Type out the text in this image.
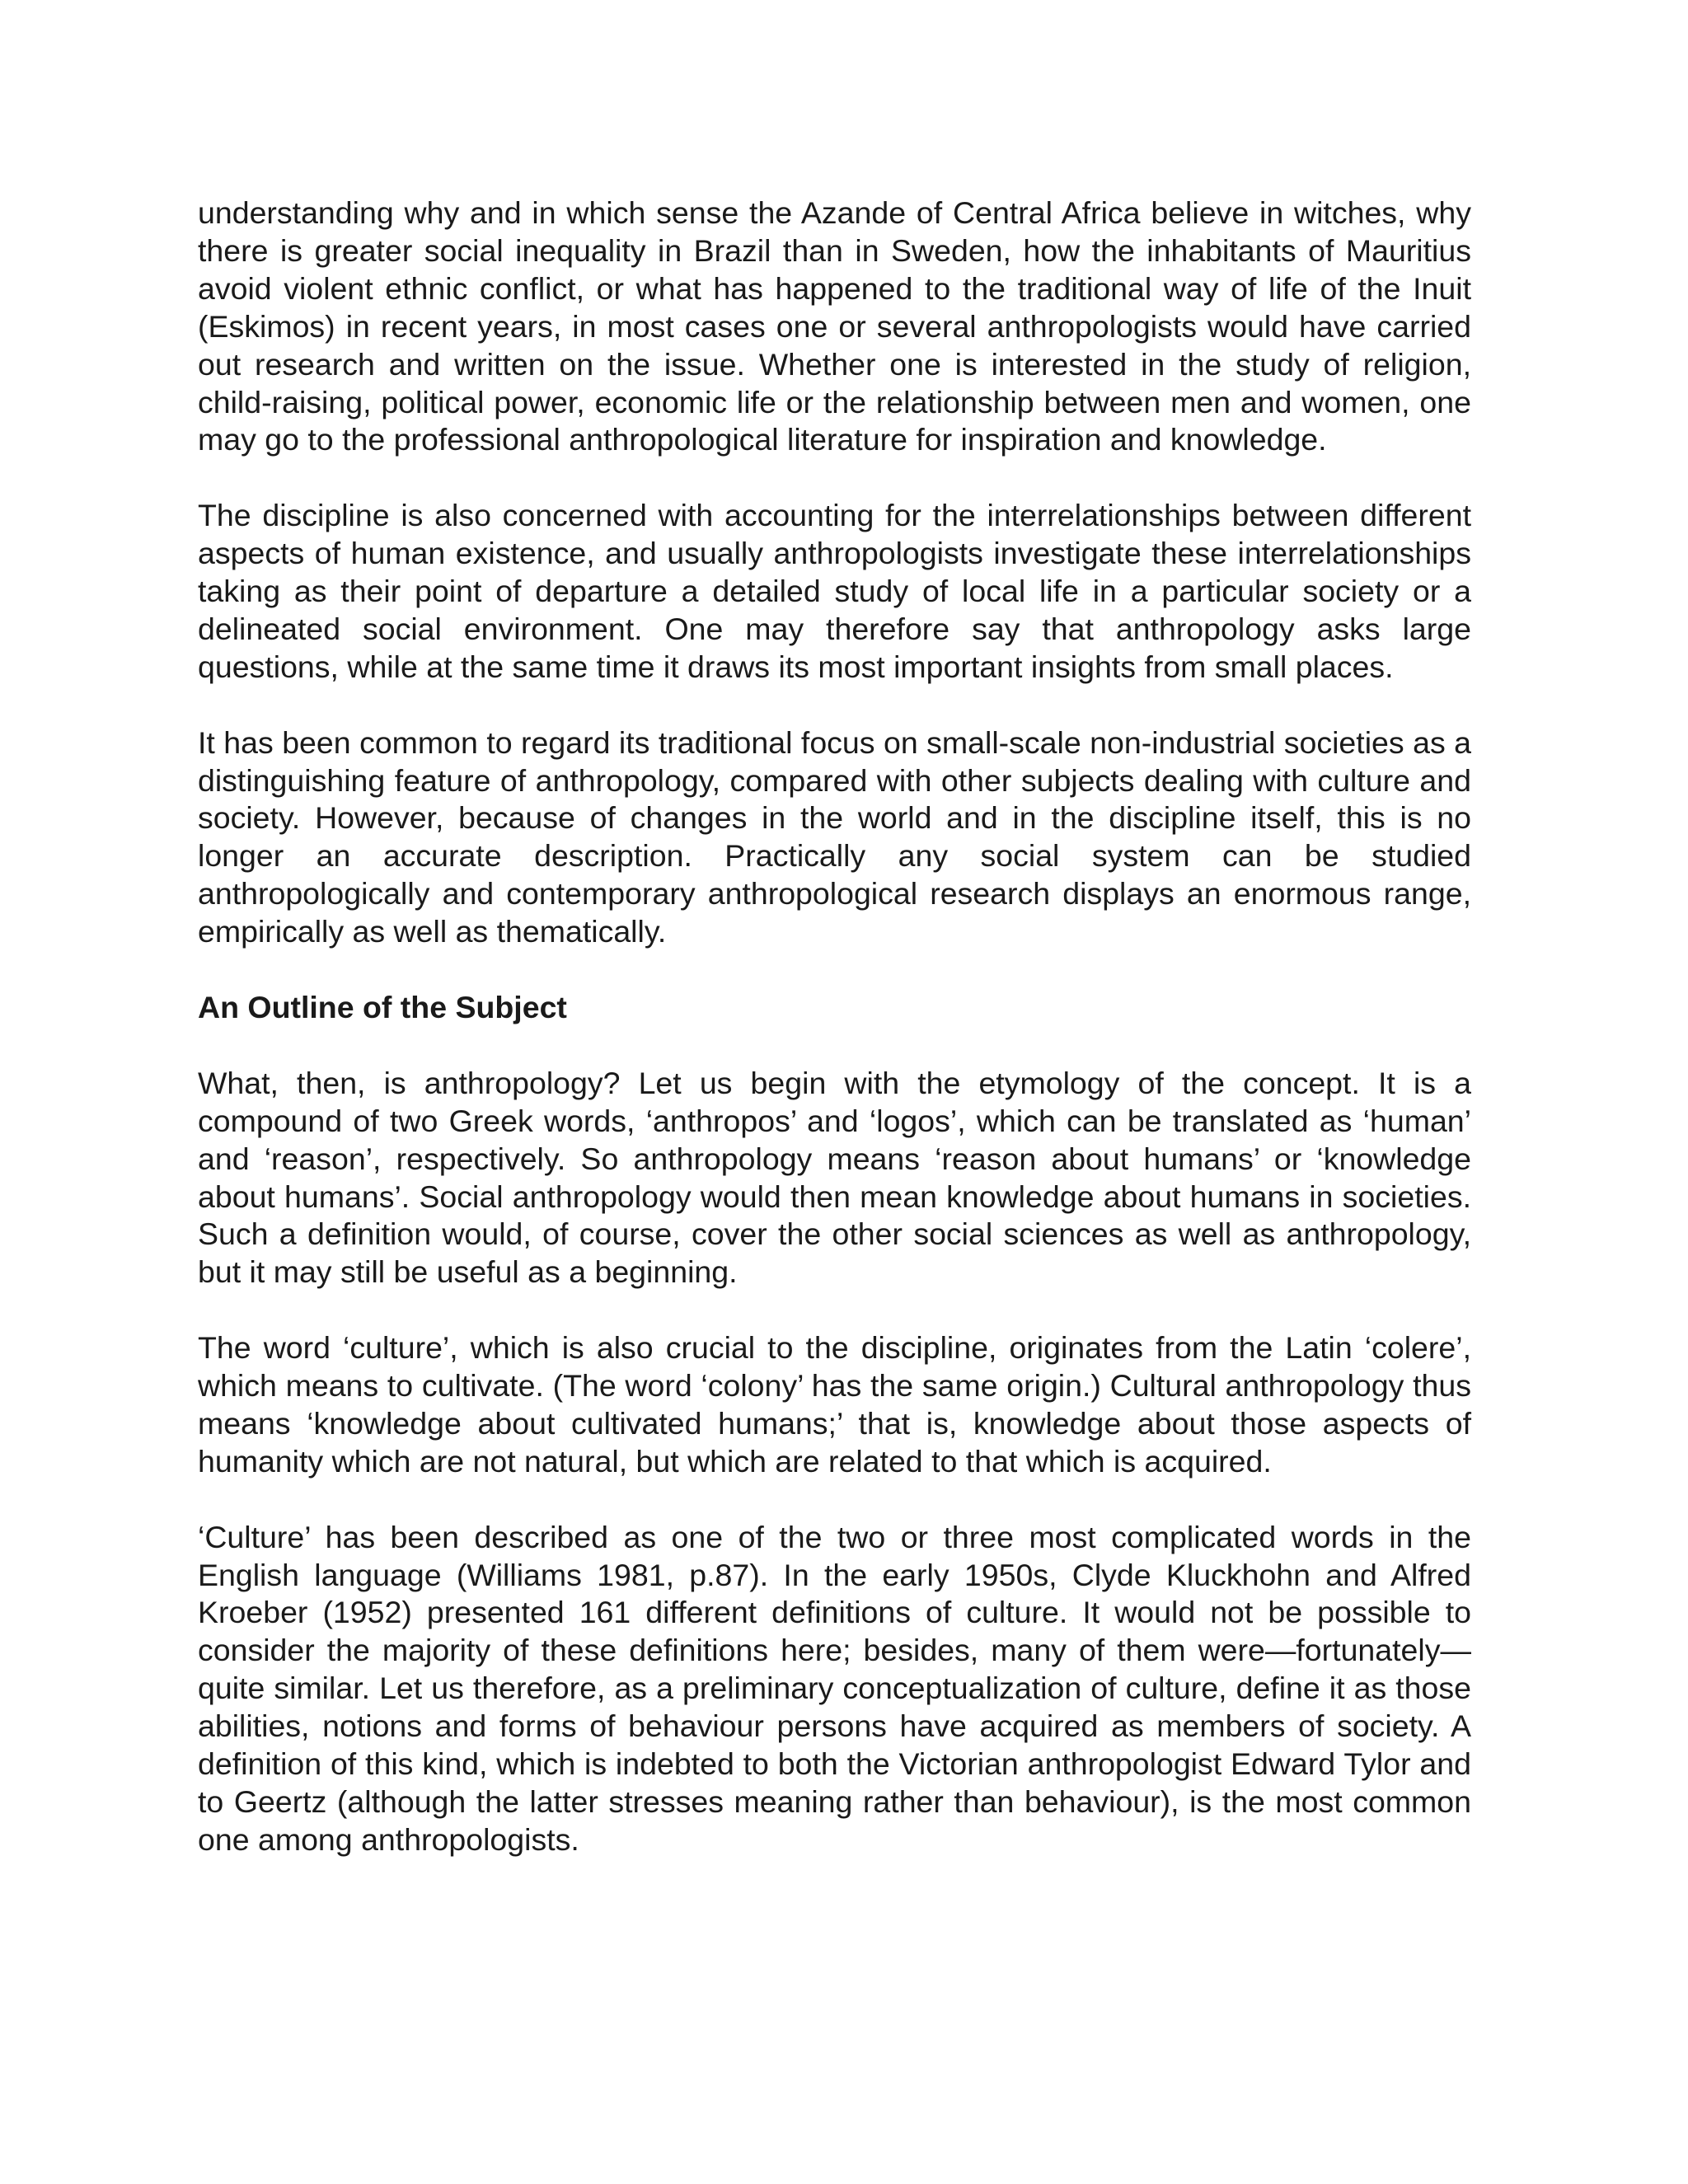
understanding why and in which sense the Azande of Central Africa believe in witches, why there is greater social inequality in Brazil than in Sweden, how the inhabitants of Mauritius avoid violent ethnic conflict, or what has happened to the traditional way of life of the Inuit (Eskimos) in recent years, in most cases one or several anthropologists would have carried out research and written on the issue. Whether one is interested in the study of religion, child-raising, political power, economic life or the relationship between men and women, one may go to the professional anthropological literature for inspiration and knowledge.

The discipline is also concerned with accounting for the interrelationships between different aspects of human existence, and usually anthropologists investigate these interrelationships taking as their point of departure a detailed study of local life in a particular society or a delineated social environment. One may therefore say that anthropology asks large questions, while at the same time it draws its most important insights from small places.

It has been common to regard its traditional focus on small-scale non-industrial societies as a distinguishing feature of anthropology, compared with other subjects dealing with culture and society. However, because of changes in the world and in the discipline itself, this is no longer an accurate description. Practically any social system can be studied anthropologically and contemporary anthropological research displays an enormous range, empirically as well as thematically.

An Outline of the Subject

What, then, is anthropology? Let us begin with the etymology of the concept. It is a compound of two Greek words, ‘anthropos’ and ‘logos’, which can be translated as ‘human’ and ‘reason’, respectively. So anthropology means ‘reason about humans’ or ‘knowledge about humans’. Social anthropology would then mean knowledge about humans in societies. Such a definition would, of course, cover the other social sciences as well as anthropology, but it may still be useful as a beginning.

The word ‘culture’, which is also crucial to the discipline, originates from the Latin ‘colere’, which means to cultivate. (The word ‘colony’ has the same origin.) Cultural anthropology thus means ‘knowledge about cultivated humans;’ that is, knowledge about those aspects of humanity which are not natural, but which are related to that which is acquired.

‘Culture’ has been described as one of the two or three most complicated words in the English language (Williams 1981, p.87). In the early 1950s, Clyde Kluckhohn and Alfred Kroeber (1952) presented 161 different definitions of culture. It would not be possible to consider the majority of these definitions here; besides, many of them were—fortunately—quite similar. Let us therefore, as a preliminary conceptualization of culture, define it as those abilities, notions and forms of behaviour persons have acquired as members of society. A definition of this kind, which is indebted to both the Victorian anthropologist Edward Tylor and to Geertz (although the latter stresses meaning rather than behaviour), is the most common one among anthropologists.
